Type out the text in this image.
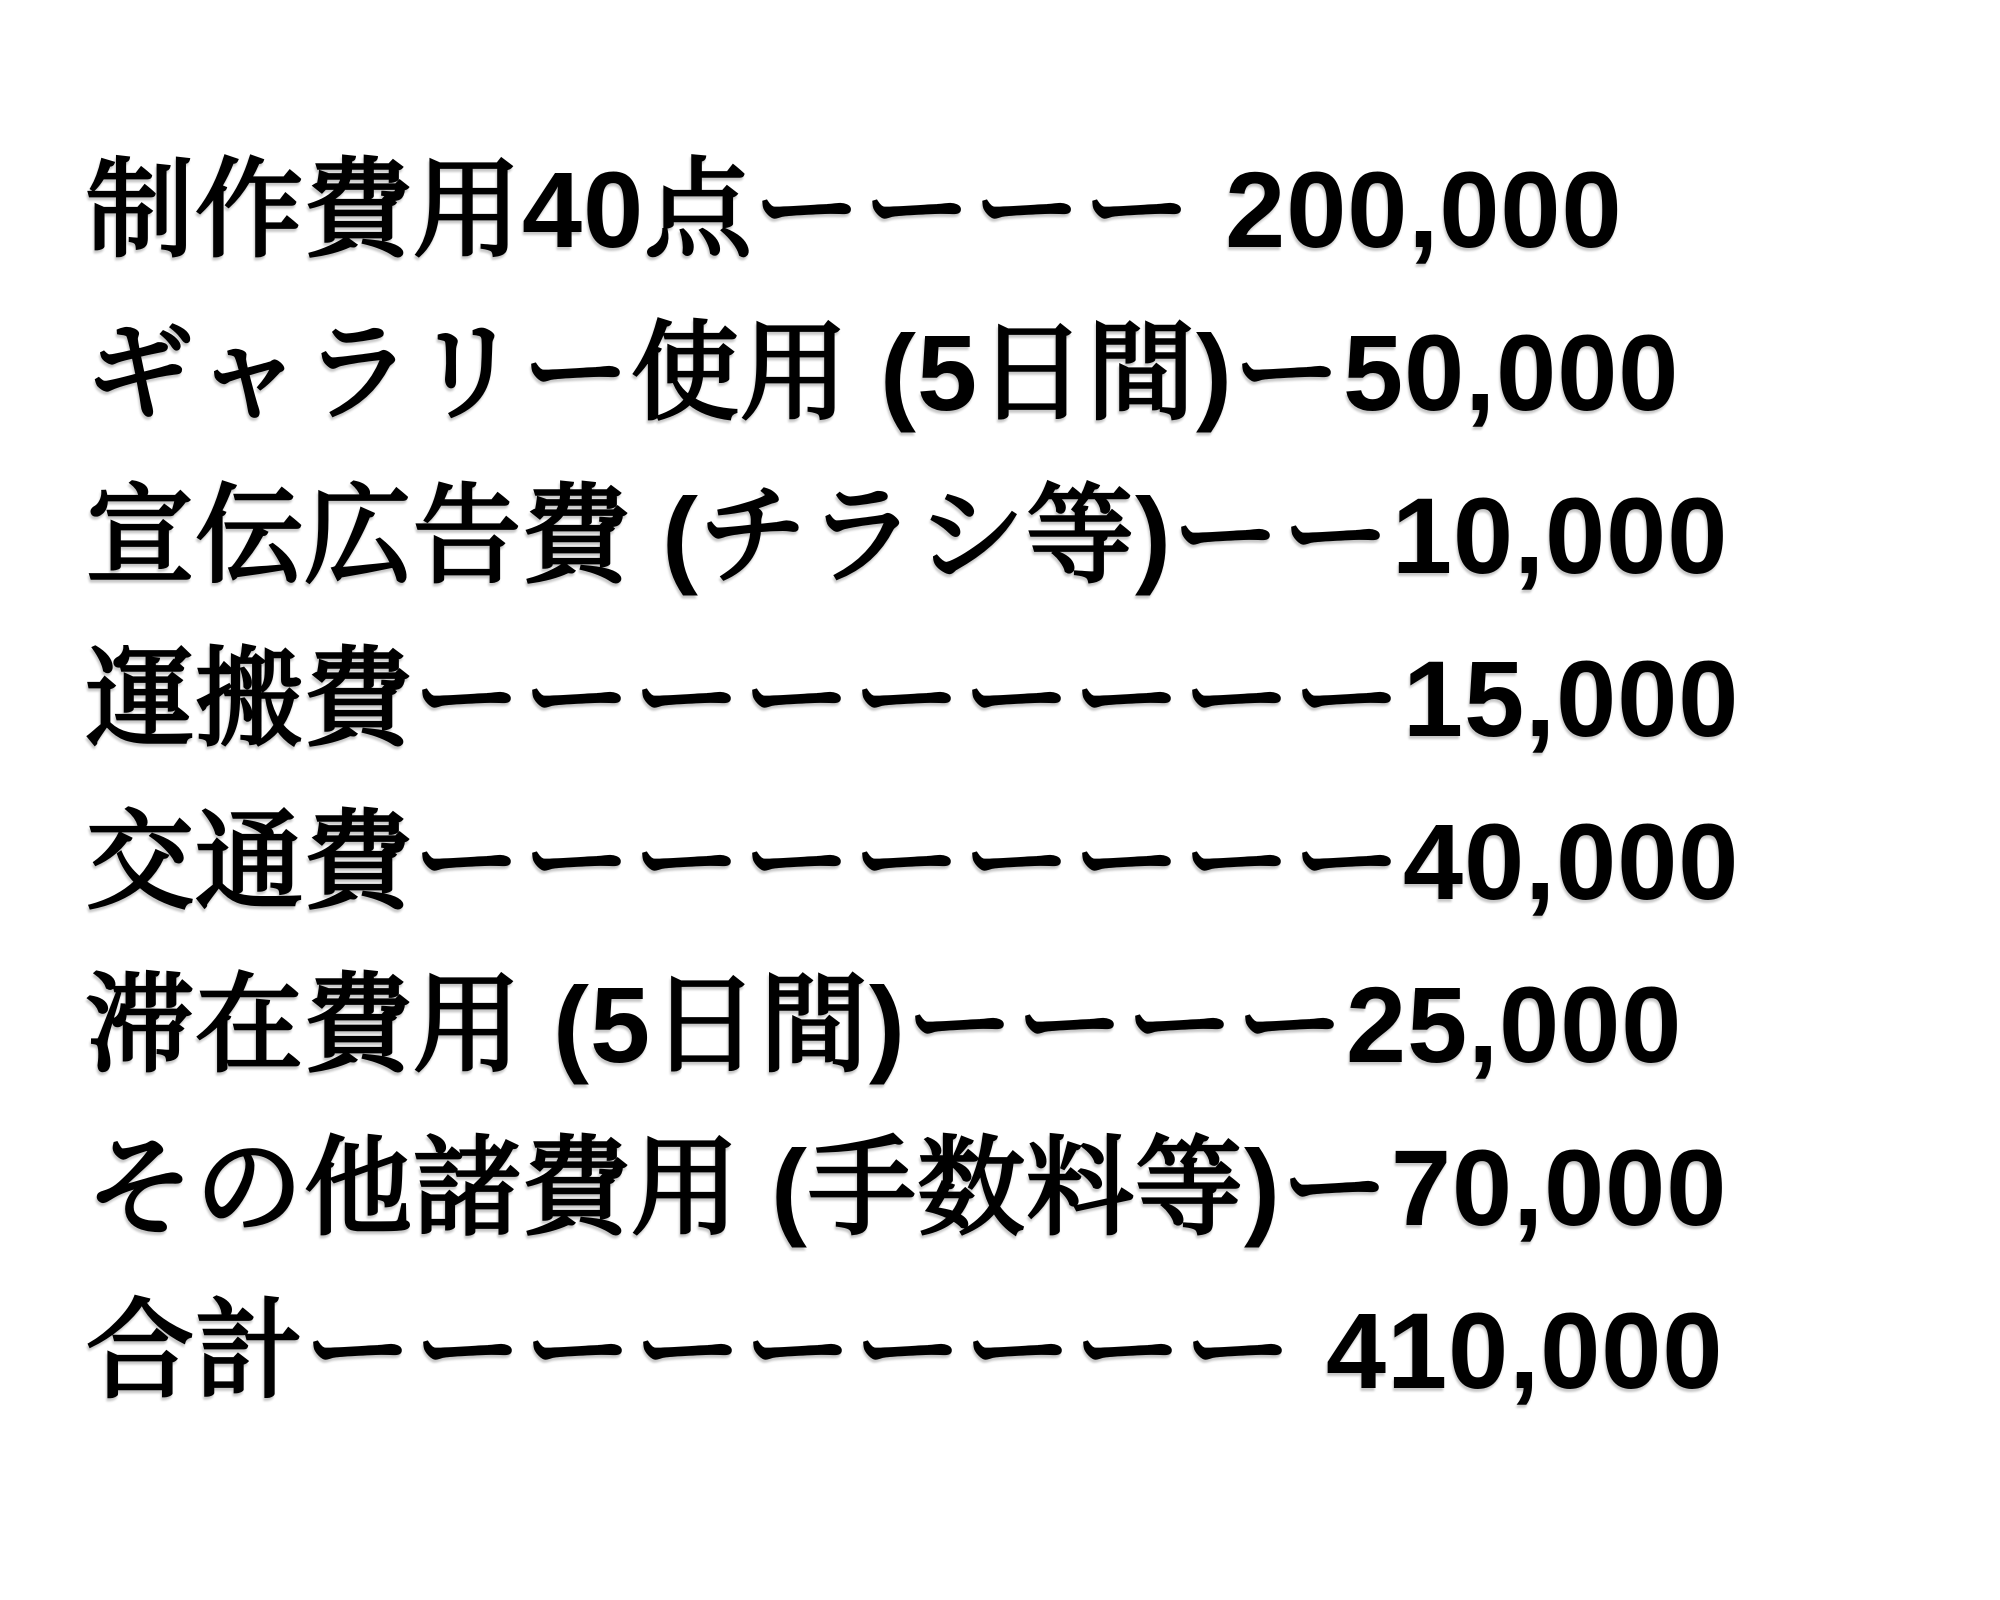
制作費用40点ーーーー 200,000
ギャラリー使用 (5日間)ー50,000
宣伝広告費 (チラシ等)ーー10,000
運搬費ーーーーーーーーー15,000
交通費ーーーーーーーーー40,000
滞在費用 (5日間)ーーーー25,000
その他諸費用 (手数料等)ー70,000
合計ーーーーーーーーー 410,000
